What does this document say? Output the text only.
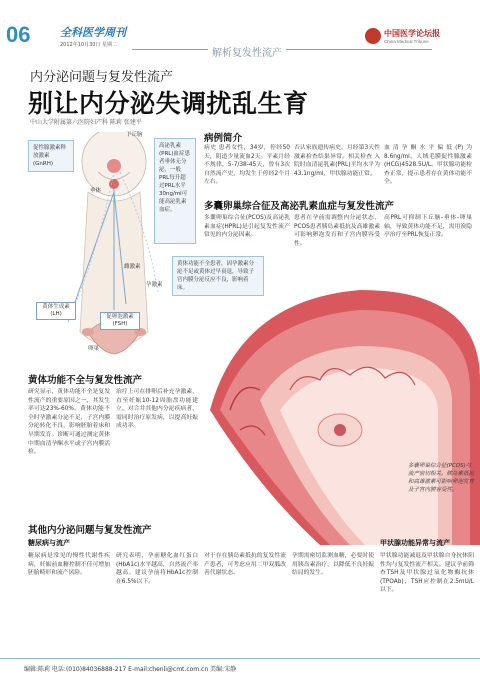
06	全科医学周刊
2012年10月30日 星期二
解析复发性流产
中国医学论坛报
China Medical Tribune
内分泌问题与复发性流产
别让内分泌失调扰乱生育
中山大学附属第六医院妇产科 陈莉 张建平
促性腺激素释放激素(GnRH)
下丘脑
垂体
高泌乳素(PRL)血症患者垂体无分泌，一般PRL每升超过PRL水平30ng/ml可能高泌乳素血症。
雌激素
孕激素
黄体生成素(LH)	促卵泡激素(FSH)
卵巢
黄体功能不全患者，因孕激素分泌不足或黄体过早衰退，导致子宫内膜分泌反应不良，影响着床。
病例简介
病史 患者女性，34岁，停经50天，阴道少量流血2天。平素月经不规律，5-7/38-45天，曾有3次自然流产史，均发生于停经2个月左右。
否认家族遗传病史。月经第3天性激素检查结果异常。相关检查 入院时血清泌乳素(PRL)平均水平为43.1ng/ml，甲状腺功能正常。
血清孕酮水平偏低(P)为8.6ng/ml。人绒毛膜促性腺激素(HCG)4528.5U/L。甲状腺功能检查正常，提示患者存在黄体功能不全。
多囊卵巢综合征及高泌乳素血症与复发性流产
多囊卵巢综合征(PCOS)及高泌乳素血症(HPRL)是引起复发性流产常见的内分泌因素。
患者在孕前需调整内分泌状态，PCOS患者胰岛素抵抗及高雄激素可影响卵泡发育和子宫内膜容受性。
高PRL可抑制下丘脑-垂体-卵巢轴，导致黄体功能不足，需用溴隐亭治疗至PRL恢复正常。
多囊卵巢综合征(PCOS)与流产密切相关。胰岛素抵抗和高雄激素可影响卵泡发育及子宫内膜容受性。
黄体功能不全与复发性流产
研究显示，黄体功能不全是复发性流产的重要原因之一，其发生率可达23%-60%。黄体功能不全时孕激素分泌不足，子宫内膜分泌转化不良，影响胚胎着床和早期发育。诊断可通过测定黄体中期血清孕酮水平或子宫内膜活检。
治疗上可在排卵后补充孕激素，直至妊娠10-12周胎盘功能建立。对合并其他内分泌疾病者，需同时治疗原发病，以提高妊娠成功率。
其他内分泌问题与复发性流产
糖尿病与流产
糖尿病是常见的慢性代谢性疾病，妊娠前血糖控制不佳可增加胚胎畸形和流产风险。
研究表明，孕前糖化血红蛋白(HbA1c)水平越高，自然流产率越高。建议孕前将HbA1c控制在6.5%以下。
对于存在胰岛素抵抗的复发性流产患者，可考虑应用二甲双胍改善代谢状态。
孕期需密切监测血糖，必要时使用胰岛素治疗，以降低不良妊娠结局的发生。
甲状腺功能异常与流产
甲状腺功能减退及甲状腺自身抗体阳性均与复发性流产相关。建议孕前筛查TSH及甲状腺过氧化物酶抗体(TPOAb)，TSH应控制在2.5mU/L以下。
编辑:陈莉 电话:(010)84036888-217 E-mail:chenli@cmt.com.cn 美编:宋静
